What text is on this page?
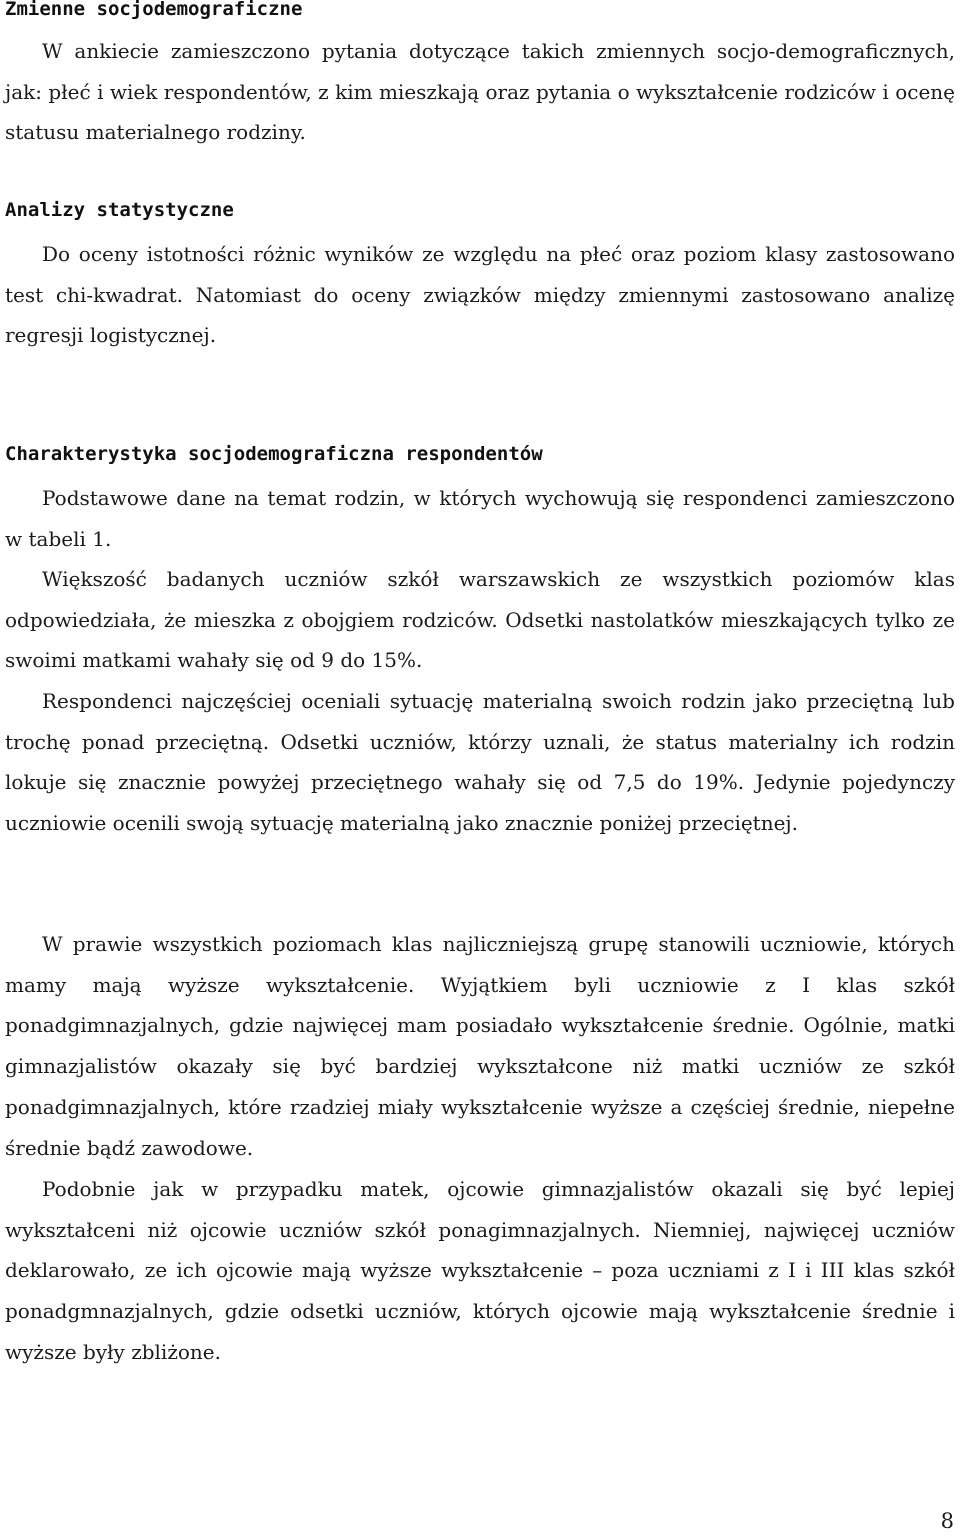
Zmienne socjodemograficzne

W ankiecie zamieszczono pytania dotyczące takich zmiennych socjo-demograficznych, jak: płeć i wiek respondentów, z kim mieszkają oraz pytania o wykształcenie rodziców i ocenę statusu materialnego rodziny.

Analizy statystyczne

Do oceny istotności różnic wyników ze względu na płeć oraz poziom klasy zastosowano test chi-kwadrat. Natomiast do oceny związków między zmiennymi zastosowano analizę regresji logistycznej.

Charakterystyka socjodemograficzna respondentów

Podstawowe dane na temat rodzin, w których wychowują się respondenci zamieszczono w tabeli 1.

Większość badanych uczniów szkół warszawskich ze wszystkich poziomów klas odpowiedziała, że mieszka z obojgiem rodziców. Odsetki nastolatków mieszkających tylko ze swoimi matkami wahały się od 9 do 15%.

Respondenci najczęściej oceniali sytuację materialną swoich rodzin jako przeciętną lub trochę ponad przeciętną. Odsetki uczniów, którzy uznali, że status materialny ich rodzin lokuje się znacznie powyżej przeciętnego wahały się od 7,5 do 19%. Jedynie pojedynczy uczniowie ocenili swoją sytuację materialną jako znacznie poniżej przeciętnej.

W prawie wszystkich poziomach klas najliczniejszą grupę stanowili uczniowie, których mamy mają wyższe wykształcenie. Wyjątkiem byli uczniowie z I klas szkół ponadgimnazjalnych, gdzie najwięcej mam posiadało wykształcenie średnie. Ogólnie, matki gimnazjalistów okazały się być bardziej wykształcone niż matki uczniów ze szkół ponadgimnazjalnych, które rzadziej miały wykształcenie wyższe a częściej średnie, niepełne średnie bądź zawodowe.

Podobnie jak w przypadku matek, ojcowie gimnazjalistów okazali się być lepiej wykształceni niż ojcowie uczniów szkół ponagimnazjalnych. Niemniej, najwięcej uczniów deklarowało, ze ich ojcowie mają wyższe wykształcenie – poza uczniami z I i III klas szkół ponadgmnazjalnych, gdzie odsetki uczniów, których ojcowie mają wykształcenie średnie i wyższe były zbliżone.

8
